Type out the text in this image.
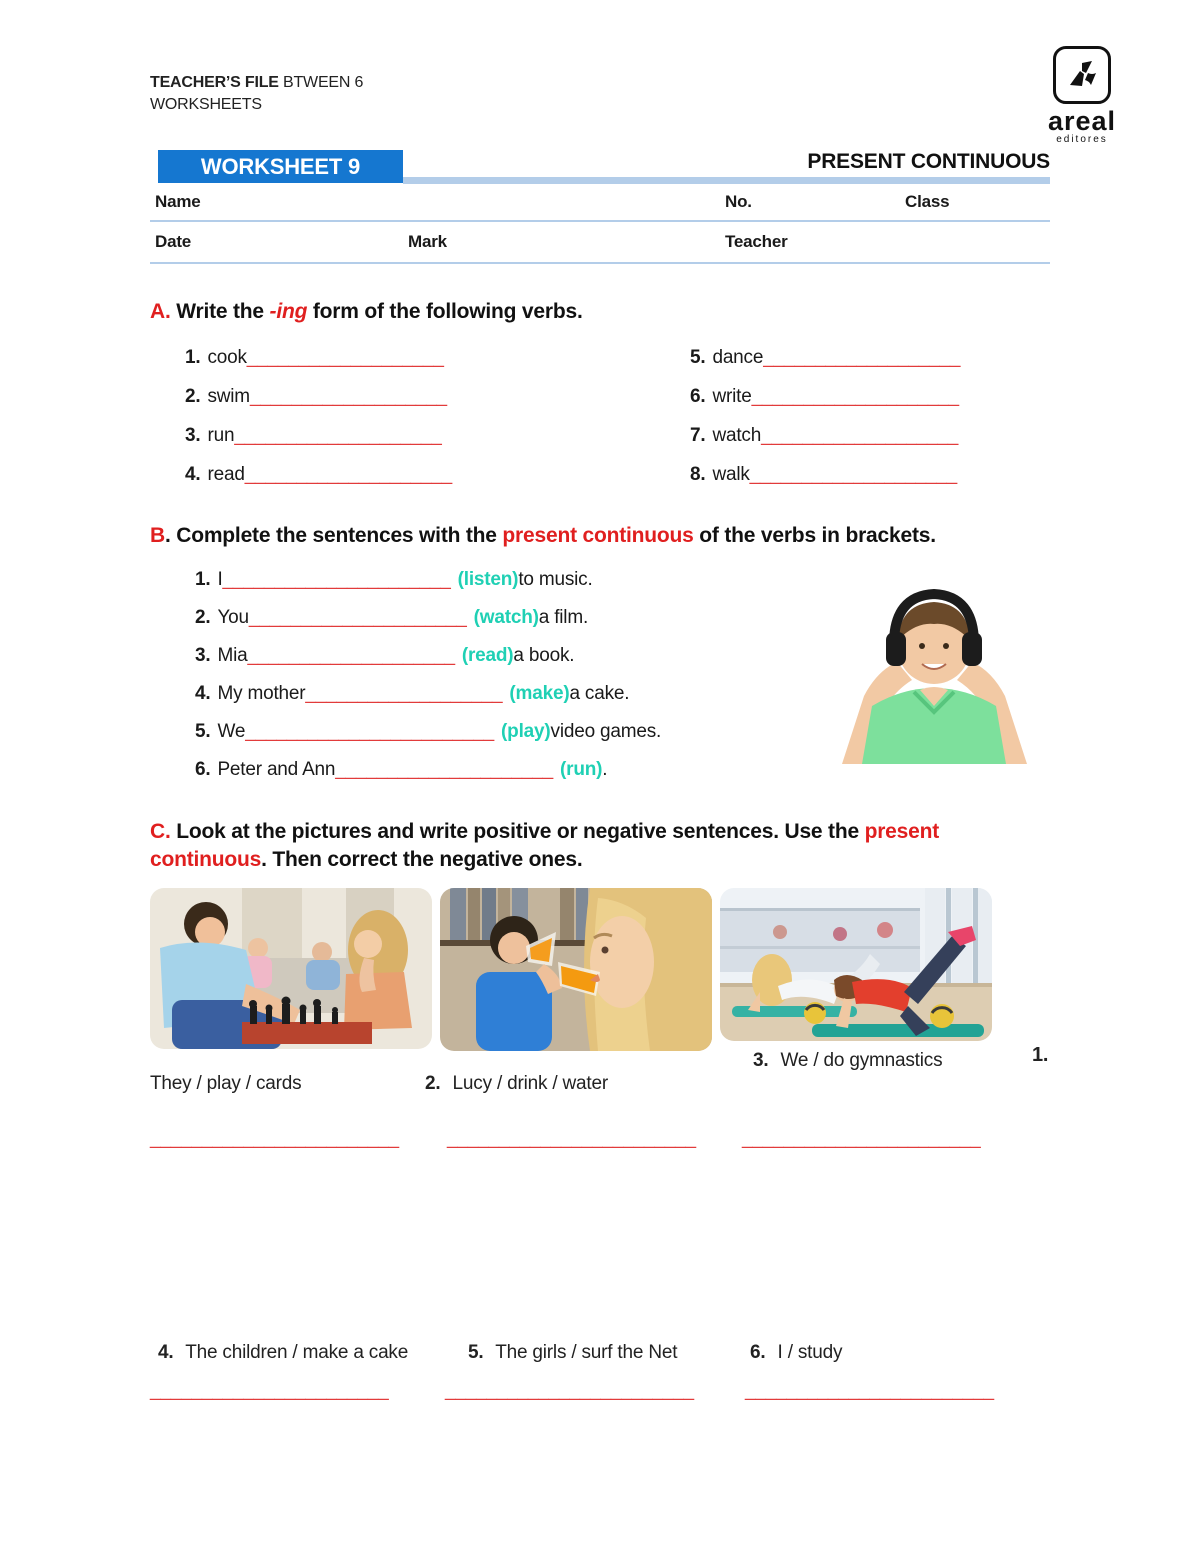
TEACHER’S FILE BTWEEN 6
WORKSHEETS
areal
editores
WORKSHEET 9	PRESENT CONTINUOUS
Name	No.	Class
Date	Mark	Teacher
A. Write the -ing form of the following verbs.
1. cook ___________________
2. swim ___________________
3. run ____________________
4. read ____________________
5. dance ___________________
6. write ____________________
7. watch ___________________
8. walk ____________________
B. Complete the sentences with the present continuous of the verbs in brackets.
1. I ______________________ (listen) to music.
2. You _____________________ (watch) a film.
3. Mia ____________________ (read) a book.
4. My mother ___________________ (make) a cake.
5. We ________________________ (play) video games.
6. Peter and Ann _____________________ (run) .
C. Look at the pictures and write positive or negative sentences. Use the present continuous. Then correct the negative ones.
3. We / do gymnastics	1.
They / play / cards	2. Lucy / drink / water
________________________	________________________ _______________________
4. The children / make a cake	5. The girls / surf the Net	6. I / study
_______________________	________________________	________________________
